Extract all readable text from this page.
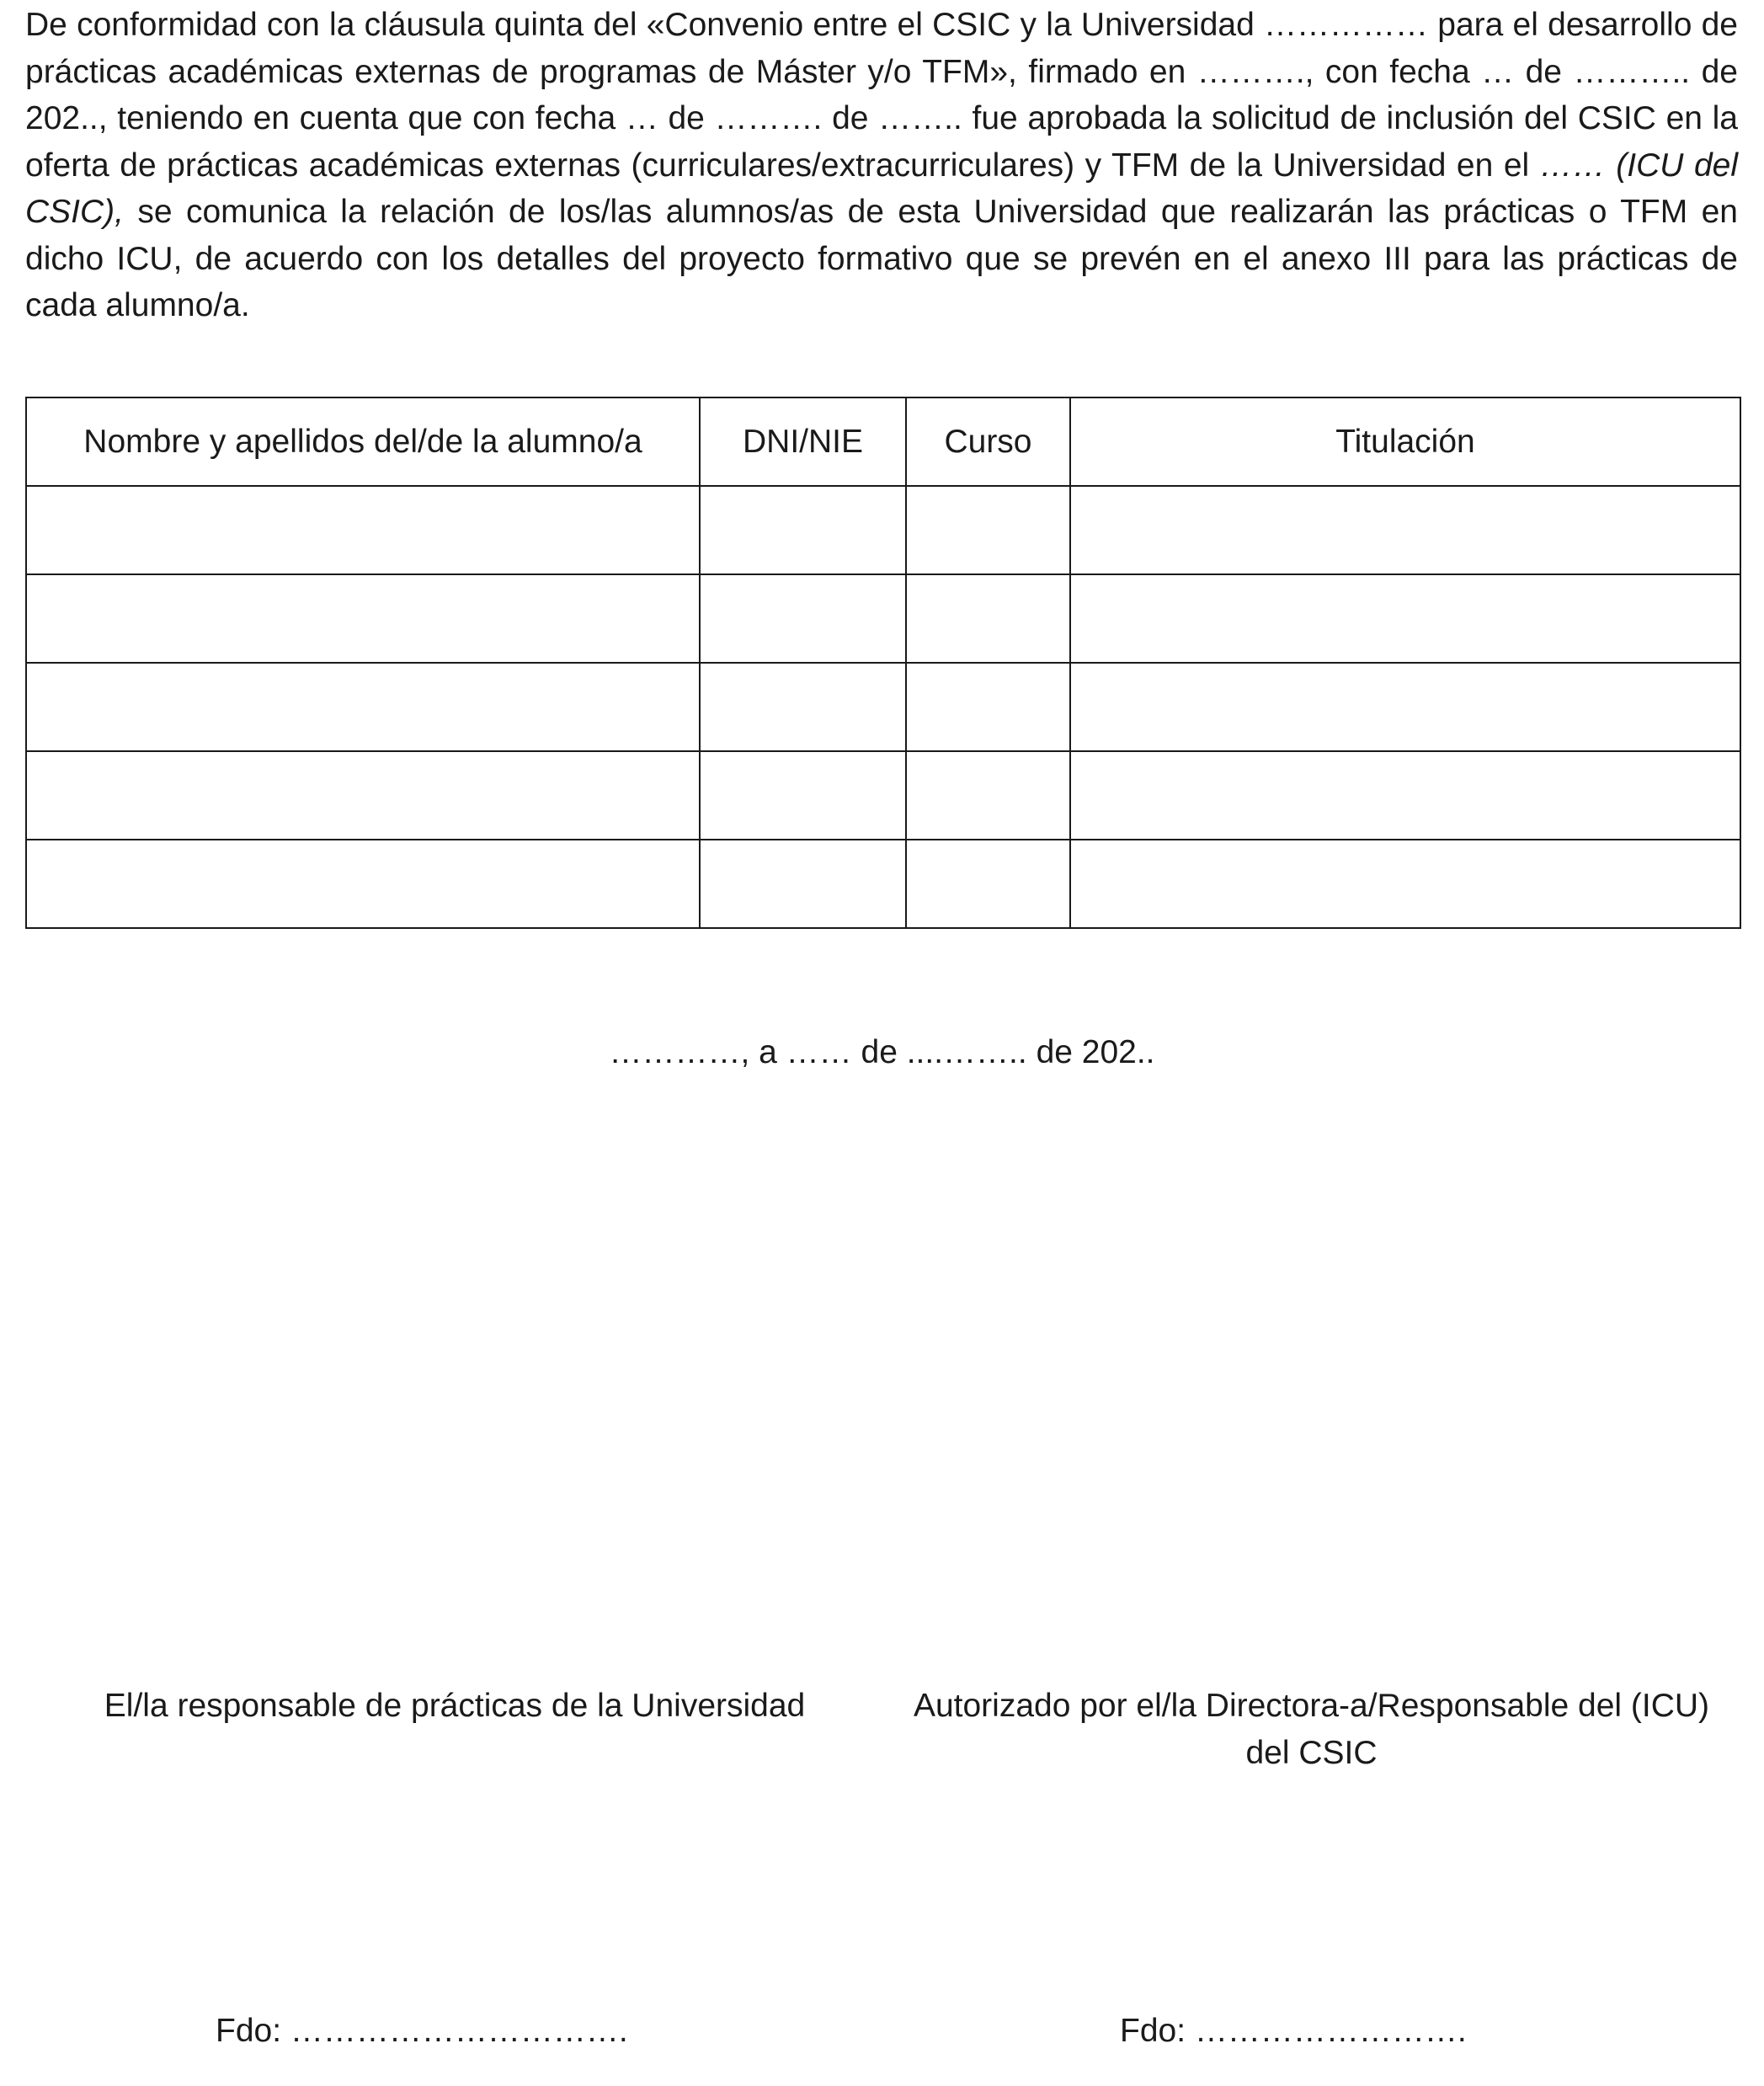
De conformidad con la cláusula quinta del «Convenio entre el CSIC y la Universidad …………… para el desarrollo de prácticas académicas externas de programas de Máster y/o TFM», firmado en ………., con fecha … de ……….. de 202.., teniendo en cuenta que con fecha … de ………. de …….. fue aprobada la solicitud de inclusión del CSIC en la oferta de prácticas académicas externas (curriculares/extracurriculares) y TFM de la Universidad en el …… (ICU del CSIC), se comunica la relación de los/las alumnos/as de esta Universidad que realizarán las prácticas o TFM en dicho ICU, de acuerdo con los detalles del proyecto formativo que se prevén en el anexo III para las prácticas de cada alumno/a.

Nombre y apellidos del/de la alumno/a	DNI/NIE	Curso	Titulación

…………, a …… de ....…….. de 202..

El/la responsable de prácticas de la Universidad	Autorizado por el/la Directora-a/Responsable del (ICU) del CSIC

Fdo: ………………………….	Fdo: …………………….
